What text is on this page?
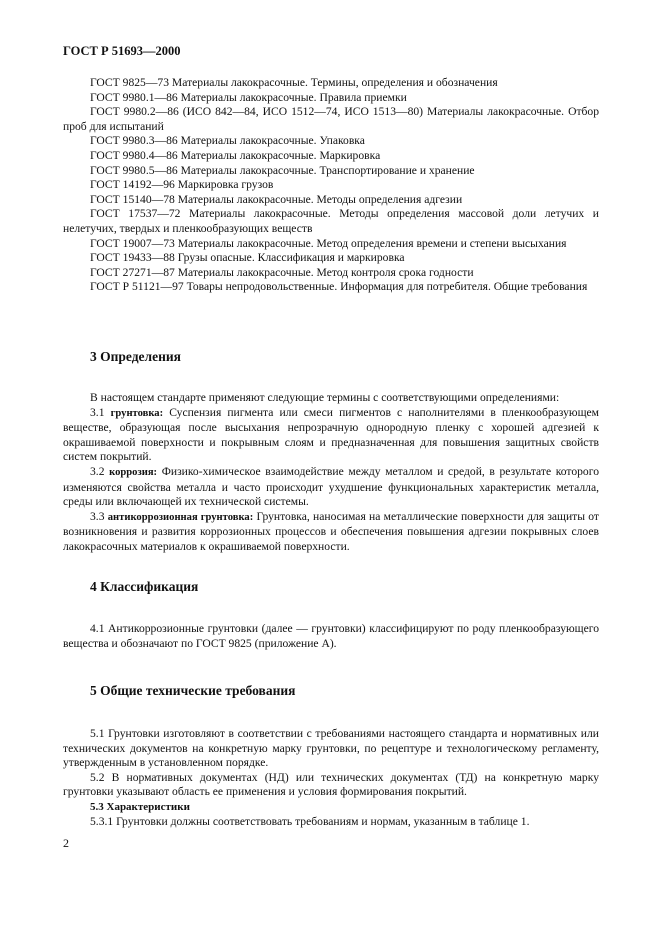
ГОСТ Р 51693—2000

ГОСТ 9825—73 Материалы лакокрасочные. Термины, определения и обозначения

ГОСТ 9980.1—86 Материалы лакокрасочные. Правила приемки

ГОСТ 9980.2—86 (ИСО 842—84, ИСО 1512—74, ИСО 1513—80) Материалы лакокрасочные. Отбор проб для испытаний

ГОСТ 9980.3—86 Материалы лакокрасочные. Упаковка

ГОСТ 9980.4—86 Материалы лакокрасочные. Маркировка

ГОСТ 9980.5—86 Материалы лакокрасочные. Транспортирование и хранение

ГОСТ 14192—96 Маркировка грузов

ГОСТ 15140—78 Материалы лакокрасочные. Методы определения адгезии

ГОСТ 17537—72 Материалы лакокрасочные. Методы определения массовой доли летучих и нелетучих, твердых и пленкообразующих веществ

ГОСТ 19007—73 Материалы лакокрасочные. Метод определения времени и степени высыхания

ГОСТ 19433—88 Грузы опасные. Классификация и маркировка

ГОСТ 27271—87 Материалы лакокрасочные. Метод контроля срока годности

ГОСТ Р 51121—97 Товары непродовольственные. Информация для потребителя. Общие требования

3 Определения

В настоящем стандарте применяют следующие термины с соответствующими определениями:

3.1 грунтовка: Суспензия пигмента или смеси пигментов с наполнителями в пленкообразующем веществе, образующая после высыхания непрозрачную однородную пленку с хорошей адгезией к окрашиваемой поверхности и покрывным слоям и предназначенная для повышения защитных свойств систем покрытий.

3.2 коррозия: Физико-химическое взаимодействие между металлом и средой, в результате которого изменяются свойства металла и часто происходит ухудшение функциональных характеристик металла, среды или включающей их технической системы.

3.3 антикоррозионная грунтовка: Грунтовка, наносимая на металлические поверхности для защиты от возникновения и развития коррозионных процессов и обеспечения повышения адгезии покрывных слоев лакокрасочных материалов к окрашиваемой поверхности.

4 Классификация

4.1 Антикоррозионные грунтовки (далее — грунтовки) классифицируют по роду пленкообразующего вещества и обозначают по ГОСТ 9825 (приложение А).

5 Общие технические требования

5.1 Грунтовки изготовляют в соответствии с требованиями настоящего стандарта и нормативных или технических документов на конкретную марку грунтовки, по рецептуре и технологическому регламенту, утвержденным в установленном порядке.

5.2 В нормативных документах (НД) или технических документах (ТД) на конкретную марку грунтовки указывают область ее применения и условия формирования покрытий.

5.3 Характеристики

5.3.1 Грунтовки должны соответствовать требованиям и нормам, указанным в таблице 1.

2
